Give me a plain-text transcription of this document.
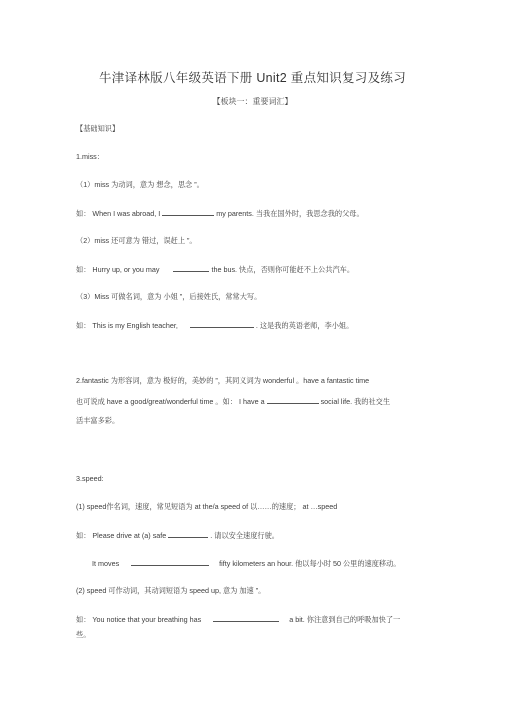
牛津译林版八年级英语下册 Unit2 重点知识复习及练习
【板块一：重要词汇】
【基础知识】
1.miss：
（1）miss 为动词，意为 想念，思念 ”。
如： When I was abroad, I	my parents. 当我在国外时，我思念我的父母。
（2）miss 还可意为 错过，误赶上 ”。
如： Hurry up, or you may	the bus. 快点，否则你可能赶不上公共汽车。
（3）Miss 可做名词，意为 小姐 ”，后接姓氏，常常大写。
如： This is my English teacher,	. 这是我的英语老师，李小姐。
2.fantastic 为形容词，意为 极好的，美妙的 ”，其同义词为 wonderful 。have a fantastic time
也可说成 have a good/great/wonderful time 。如： I have a	social life. 我的社交生
活丰富多彩。
3.speed:
(1) speed作名词，速度，常见短语为 at the/a speed of 以……的速度； at …speed
如： Please drive at (a) safe	. 请以安全速度行驶。
It moves	fifty kilometers an hour. 他以每小时 50 公里的速度移动。
(2) speed 可作动词，其动词短语为 speed up, 意为 加速 ”。
如： You notice that your breathing has	a bit. 你注意到自己的呼吸加快了一
些。
